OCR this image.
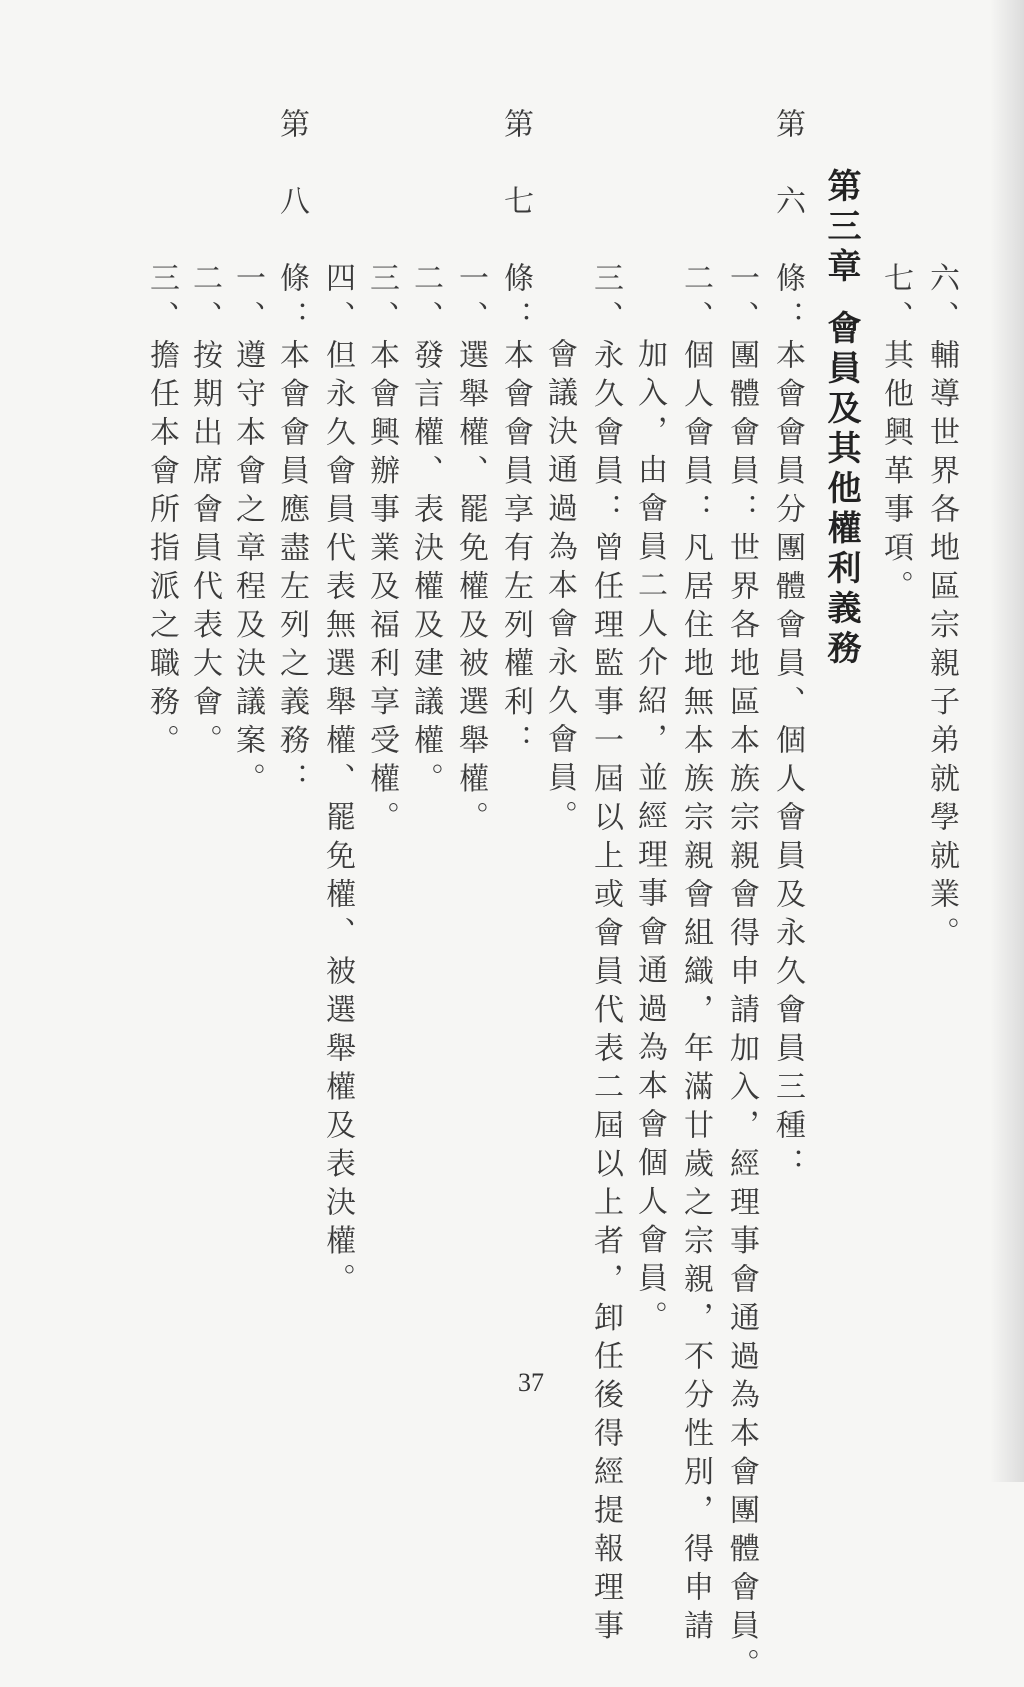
六、輔導世界各地區宗親子弟就學就業。
七、其他興革事項。
第三章會員及其他權利義務
第　六　條：本會會員分團體會員、個人會員及永久會員三種：
一、團體會員：世界各地區本族宗親會得申請加入，經理事會通過為本會團體會員。
二、個人會員：凡居住地無本族宗親會組織，年滿廿歲之宗親，不分性別，得申請
加入，由會員二人介紹，並經理事會通過為本會個人會員。
三、永久會員：曾任理監事一屆以上或會員代表二屆以上者，卸任後得經提報理事
會議決通過為本會永久會員。
第　七　條：本會會員享有左列權利：
一、選舉權、罷免權及被選舉權。
二、發言權、表決權及建議權。
三、本會興辦事業及福利享受權。
四、但永久會員代表無選舉權、罷免權、被選舉權及表決權。
第　八　條：本會會員應盡左列之義務：
一、遵守本會之章程及決議案。
二、按期出席會員代表大會。
三、擔任本會所指派之職務。
37
